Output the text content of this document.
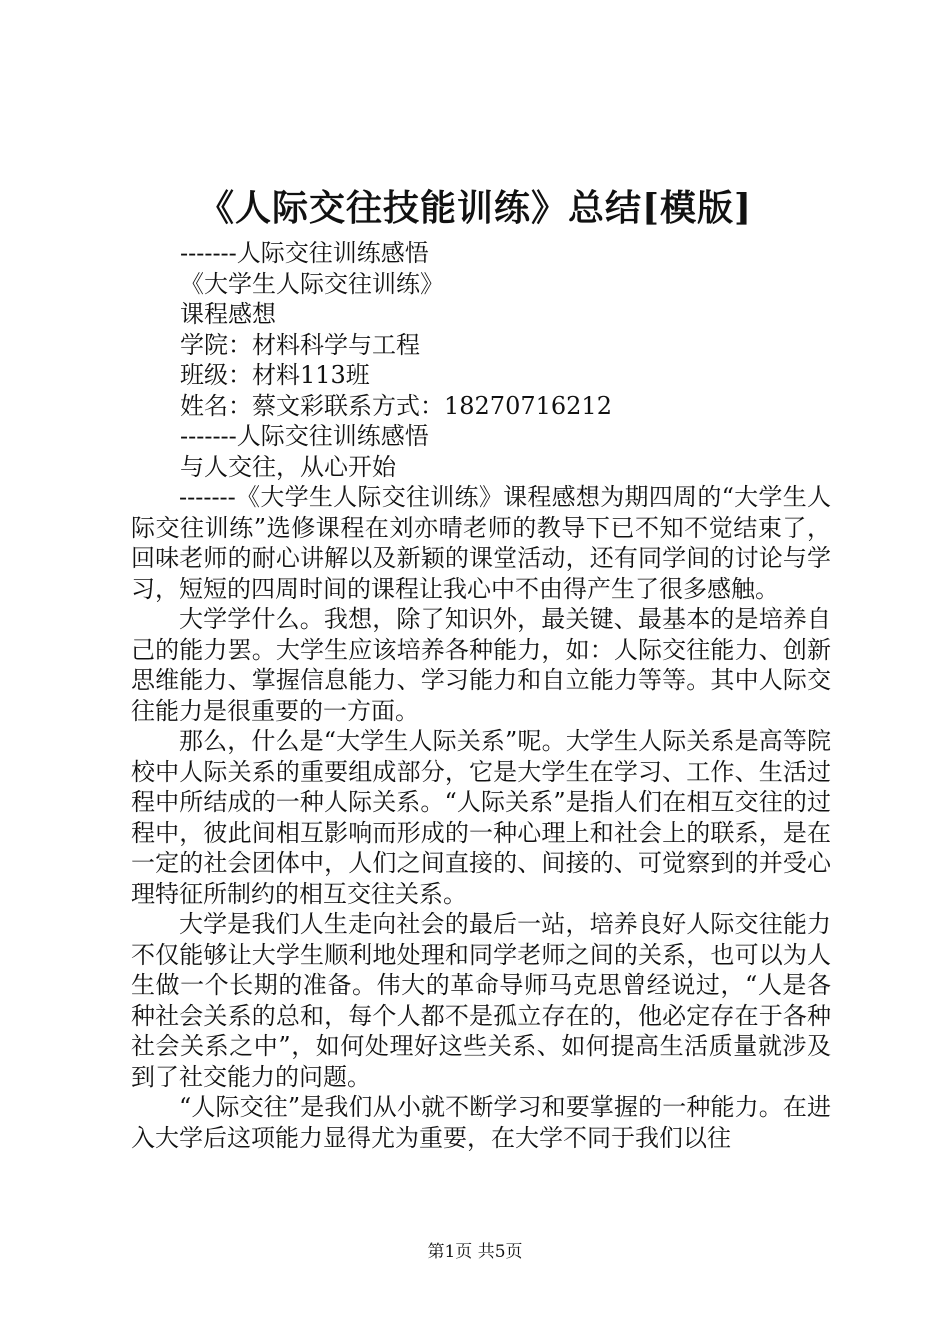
《人际交往技能训练》总结[模版]
-------人际交往训练感悟
《大学生人际交往训练》
课程感想
学院：材料科学与工程
班级：材料113班
姓名：蔡文彩联系方式：18270716212
-------人际交往训练感悟
与人交往，从心开始

-------《大学生人际交往训练》课程感想为期四周的“大学生人际交往训练”选修课程在刘亦晴老师的教导下已不知不觉结束了，回味老师的耐心讲解以及新颖的课堂活动，还有同学间的讨论与学习，短短的四周时间的课程让我心中不由得产生了很多感触。

大学学什么。我想，除了知识外，最关键、最基本的是培养自己的能力罢。大学生应该培养各种能力，如：人际交往能力、创新思维能力、掌握信息能力、学习能力和自立能力等等。其中人际交往能力是很重要的一方面。

那么，什么是“大学生人际关系”呢。大学生人际关系是高等院校中人际关系的重要组成部分，它是大学生在学习、工作、生活过程中所结成的一种人际关系。“人际关系”是指人们在相互交往的过程中，彼此间相互影响而形成的一种心理上和社会上的联系，是在一定的社会团体中，人们之间直接的、间接的、可觉察到的并受心理特征所制约的相互交往关系。

大学是我们人生走向社会的最后一站，培养良好人际交往能力不仅能够让大学生顺利地处理和同学老师之间的关系，也可以为人生做一个长期的准备。伟大的革命导师马克思曾经说过，“人是各种社会关系的总和，每个人都不是孤立存在的，他必定存在于各种社会关系之中”，如何处理好这些关系、如何提高生活质量就涉及到了社交能力的问题。

“人际交往”是我们从小就不断学习和要掌握的一种能力。在进入大学后这项能力显得尤为重要，在大学不同于我们以往

第1页 共5页
